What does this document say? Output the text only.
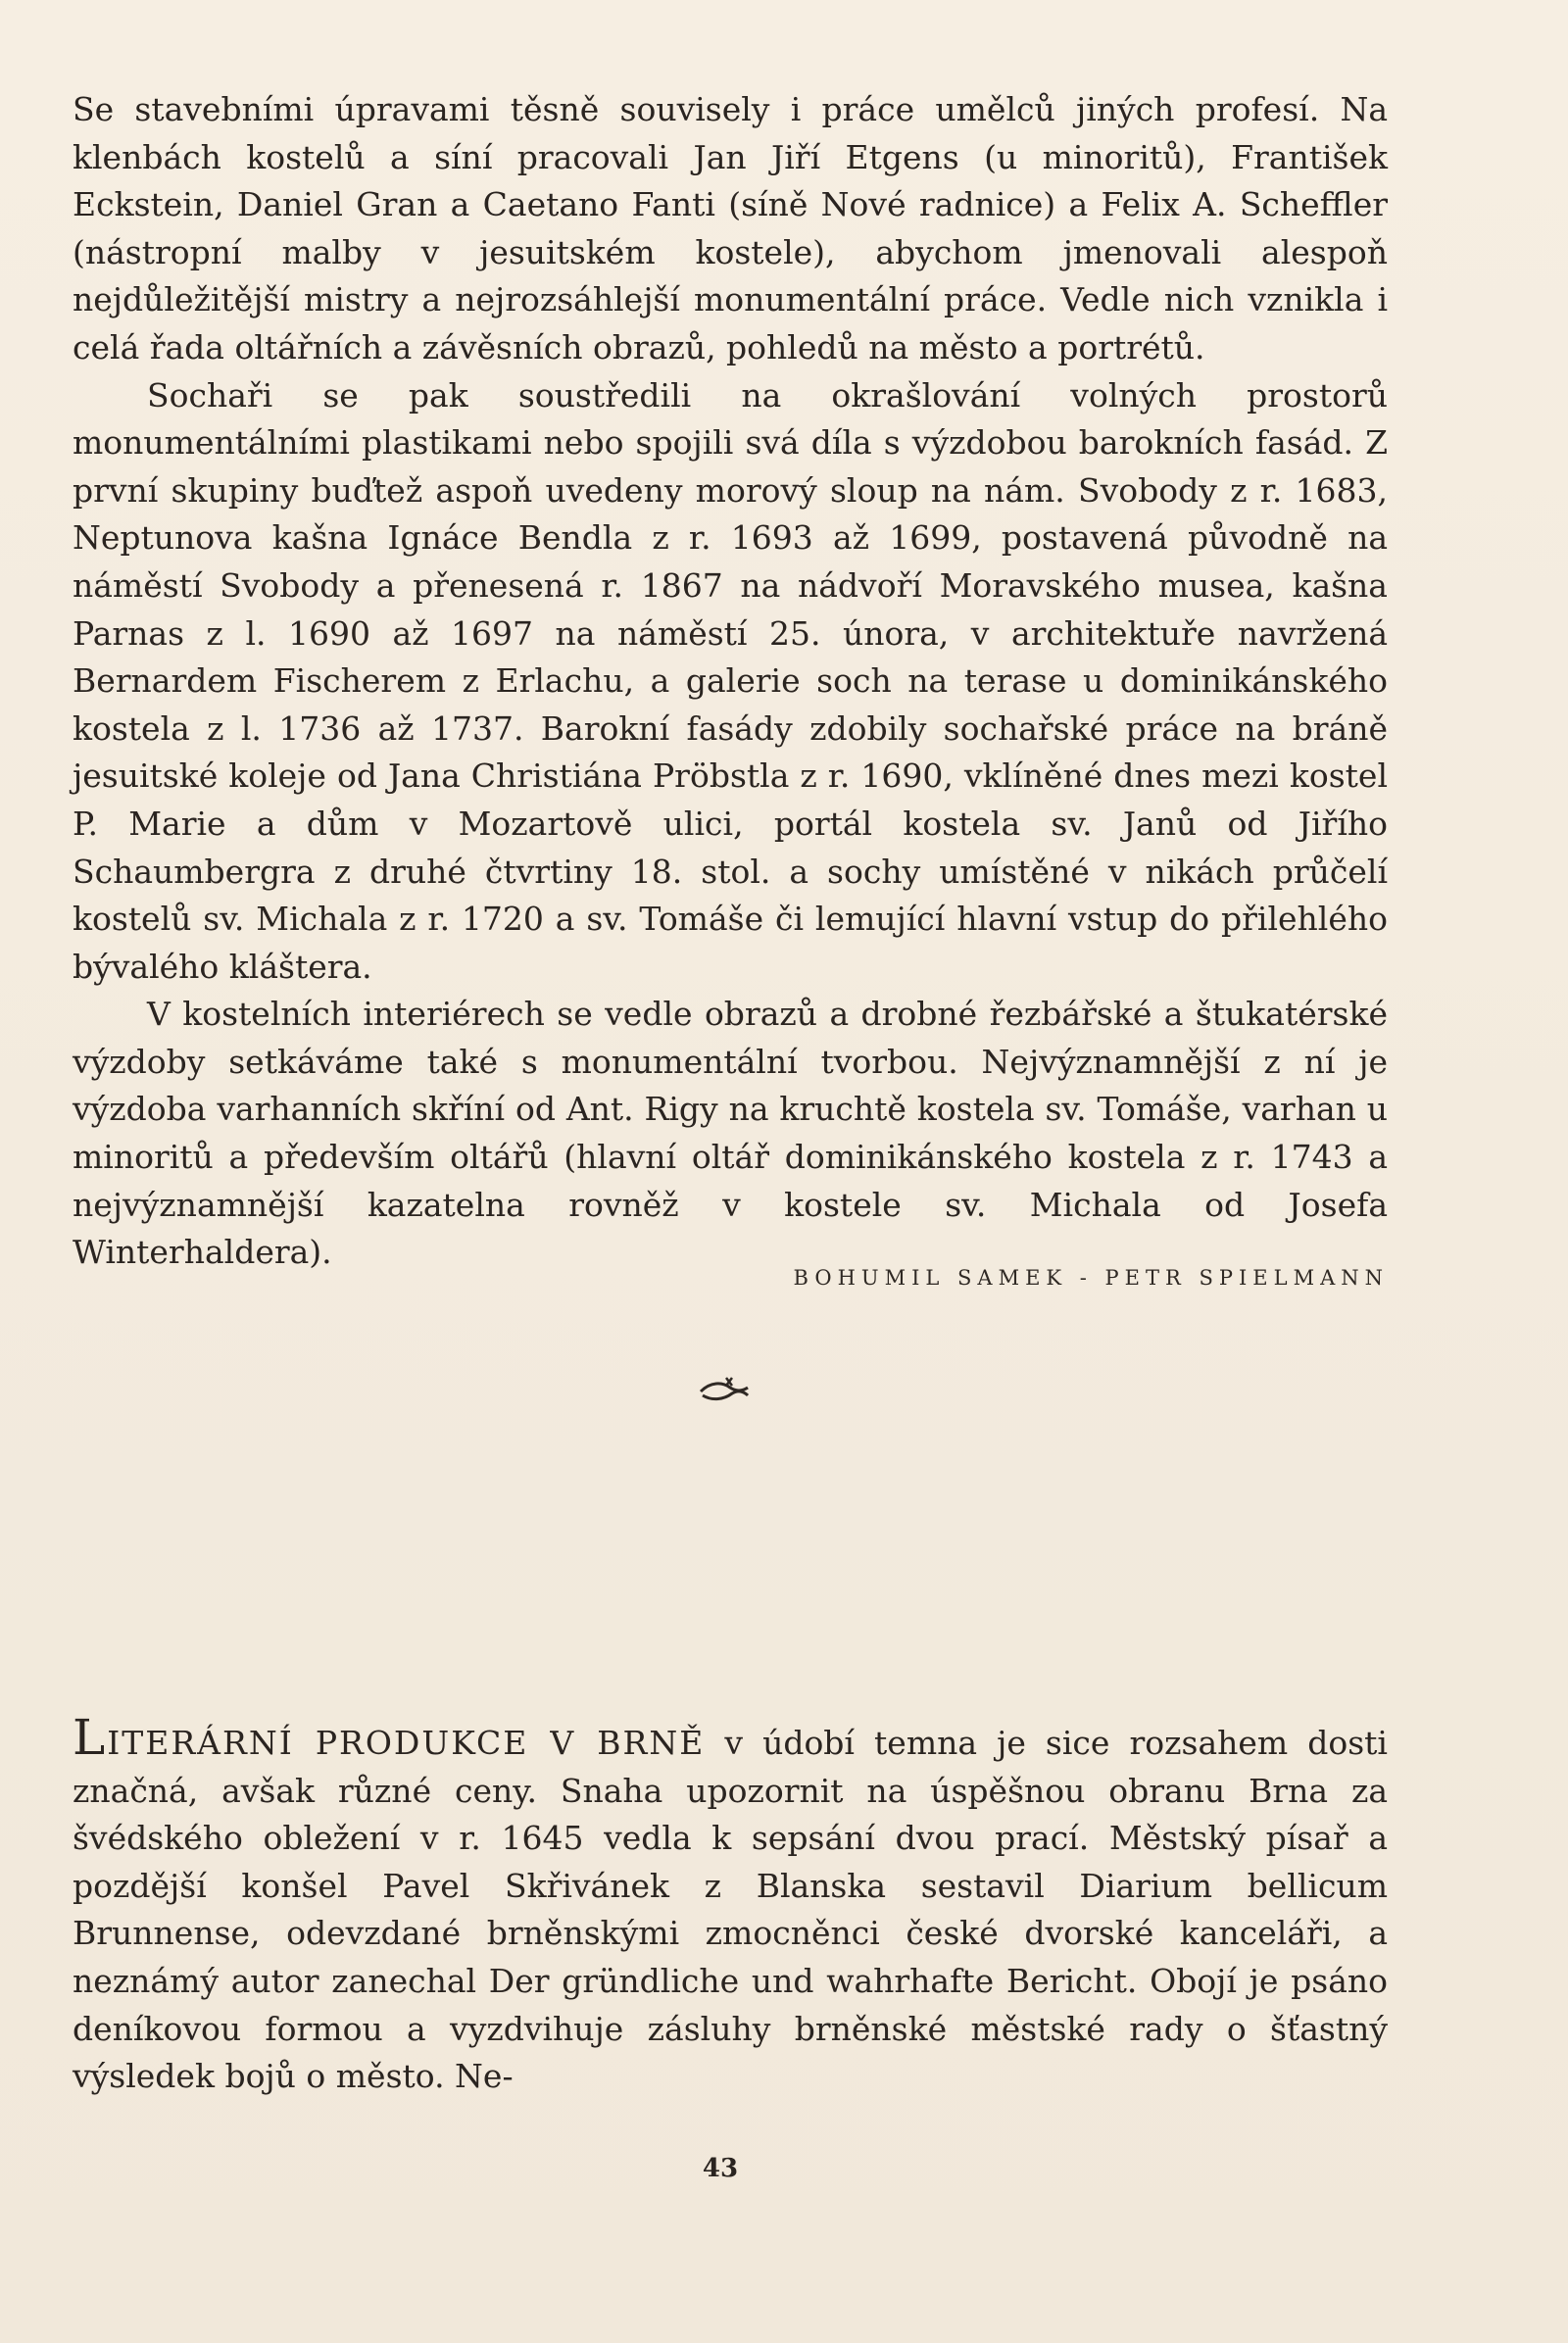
Se stavebními úpravami těsně souvisely i práce umělců jiných profesí. Na klenbách kostelů a síní pracovali Jan Jiří Etgens (u minoritů), František Eckstein, Daniel Gran a Caetano Fanti (síně Nové radnice) a Felix A. Scheffler (nástropní malby v jesuitském kostele), abychom jmenovali alespoň nejdůležitější mistry a nejrozsáhlejší monumentální práce. Vedle nich vznikla i celá řada oltářních a závěsních obrazů, pohledů na město a portrétů.

Sochaři se pak soustředili na okrašlování volných prostorů monumentálními plastikami nebo spojili svá díla s výzdobou barokních fasád. Z první skupiny buďtež aspoň uvedeny morový sloup na nám. Svobody z r. 1683, Neptunova kašna Ignáce Bendla z r. 1693 až 1699, postavená původně na náměstí Svobody a přenesená r. 1867 na nádvoří Moravského musea, kašna Parnas z l. 1690 až 1697 na náměstí 25. února, v architektuře navržená Bernardem Fischerem z Erlachu, a galerie soch na terase u dominikánského kostela z l. 1736 až 1737. Barokní fasády zdobily sochařské práce na bráně jesuitské koleje od Jana Christiána Pröbstla z r. 1690, vklíněné dnes mezi kostel P. Marie a dům v Mozartově ulici, portál kostela sv. Janů od Jiřího Schaumbergra z druhé čtvrtiny 18. stol. a sochy umístěné v nikách průčelí kostelů sv. Michala z r. 1720 a sv. Tomáše či lemující hlavní vstup do přilehlého bývalého kláštera.

V kostelních interiérech se vedle obrazů a drobné řezbářské a štukatérské výzdoby setkáváme také s monumentální tvorbou. Nejvýznamnější z ní je výzdoba varhanních skříní od Ant. Rigy na kruchtě kostela sv. Tomáše, varhan u minoritů a především oltářů (hlavní oltář dominikánského kostela z r. 1743 a nejvýznamnější kazatelna rovněž v kostele sv. Michala od Josefa Winterhaldera).

BOHUMIL SAMEK - PETR SPIELMANN

LITERÁRNÍ PRODUKCE V BRNĚ v údobí temna je sice rozsahem dosti značná, avšak různé ceny. Snaha upozornit na úspěšnou obranu Brna za švédského obležení v r. 1645 vedla k sepsání dvou prací. Městský písař a pozdější konšel Pavel Skřivánek z Blanska sestavil Diarium bellicum Brunnense, odevzdané brněnskými zmocněnci české dvorské kanceláři, a neznámý autor zanechal Der gründliche und wahrhafte Bericht. Obojí je psáno deníkovou formou a vyzdvihuje zásluhy brněnské městské rady o šťastný výsledek bojů o město. Ne-

43
